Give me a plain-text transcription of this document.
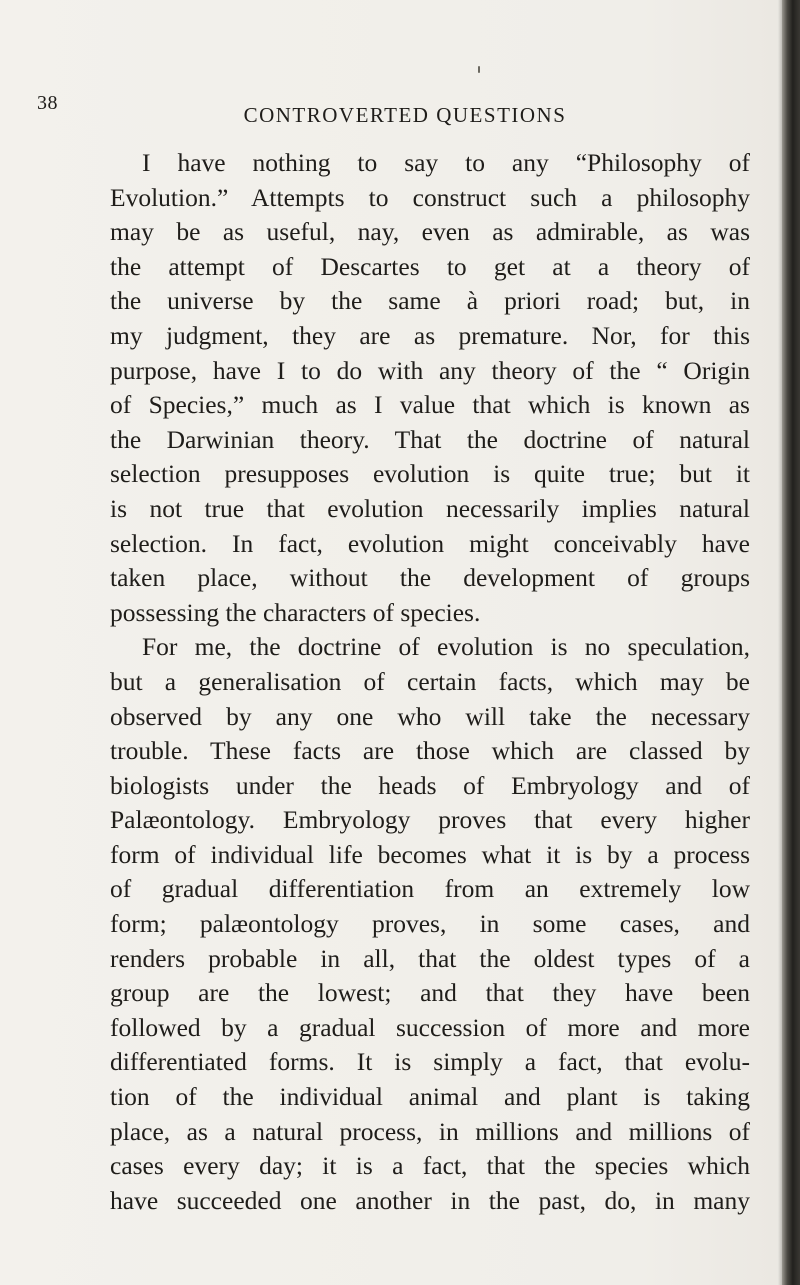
38	CONTROVERTED QUESTIONS
I have nothing to say to any “Philosophy of
Evolution.” Attempts to construct such a philosophy
may be as useful, nay, even as admirable, as was
the attempt of Descartes to get at a theory of
the universe by the same à priori road; but, in
my judgment, they are as premature. Nor, for this
purpose, have I to do with any theory of the “ Origin
of Species,” much as I value that which is known as
the Darwinian theory. That the doctrine of natural
selection presupposes evolution is quite true; but it
is not true that evolution necessarily implies natural
selection. In fact, evolution might conceivably have
taken place, without the development of groups
possessing the characters of species.
For me, the doctrine of evolution is no speculation,
but a generalisation of certain facts, which may be
observed by any one who will take the necessary
trouble. These facts are those which are classed by
biologists under the heads of Embryology and of
Palæontology. Embryology proves that every higher
form of individual life becomes what it is by a process
of gradual differentiation from an extremely low
form; palæontology proves, in some cases, and
renders probable in all, that the oldest types of a
group are the lowest; and that they have been
followed by a gradual succession of more and more
differentiated forms. It is simply a fact, that evolu-
tion of the individual animal and plant is taking
place, as a natural process, in millions and millions of
cases every day; it is a fact, that the species which
have succeeded one another in the past, do, in many
